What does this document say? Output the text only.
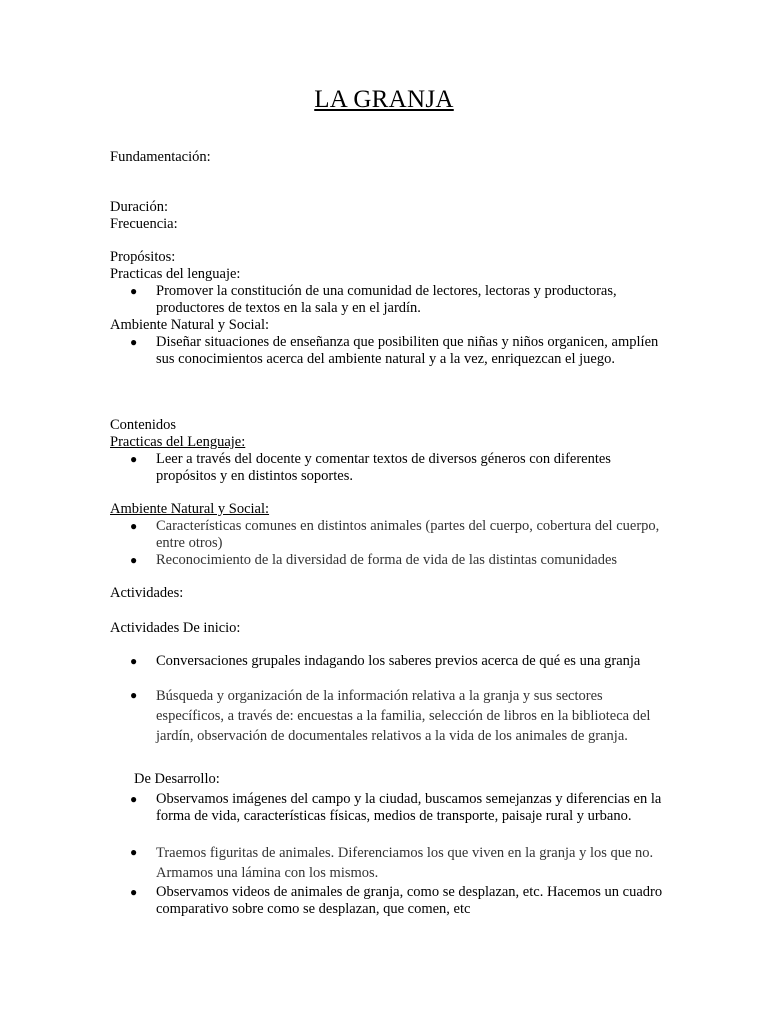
LA GRANJA
Fundamentación:
Duración:
Frecuencia:
Propósitos:
Practicas del lenguaje:
● Promover la constitución de una comunidad de lectores, lectoras y productoras, productores de textos en la sala y en el jardín.
Ambiente Natural y Social:
● Diseñar situaciones de enseñanza que posibiliten que niñas y niños organicen, amplíen sus conocimientos acerca del ambiente natural y a la vez, enriquezcan el juego.
Contenidos
Practicas del Lenguaje:
● Leer a través del docente y comentar textos de diversos géneros con diferentes propósitos y en distintos soportes.
Ambiente Natural y Social:
● Características comunes en distintos animales (partes del cuerpo, cobertura del cuerpo, entre otros)
● Reconocimiento de la diversidad de forma de vida de las distintas comunidades
Actividades:
Actividades De inicio:
● Conversaciones grupales indagando los saberes previos acerca de qué es una granja
● Búsqueda y organización de la información relativa a la granja y sus sectores específicos, a través de: encuestas a la familia, selección de libros en la biblioteca del jardín, observación de documentales relativos a la vida de los animales de granja.
De Desarrollo:
● Observamos imágenes del campo y la ciudad, buscamos semejanzas y diferencias en la forma de vida, características físicas, medios de transporte, paisaje rural y urbano.
● Traemos figuritas de animales. Diferenciamos los que viven en la granja y los que no. Armamos una lámina con los mismos.
● Observamos videos de animales de granja, como se desplazan, etc. Hacemos un cuadro comparativo sobre como se desplazan, que comen, etc
